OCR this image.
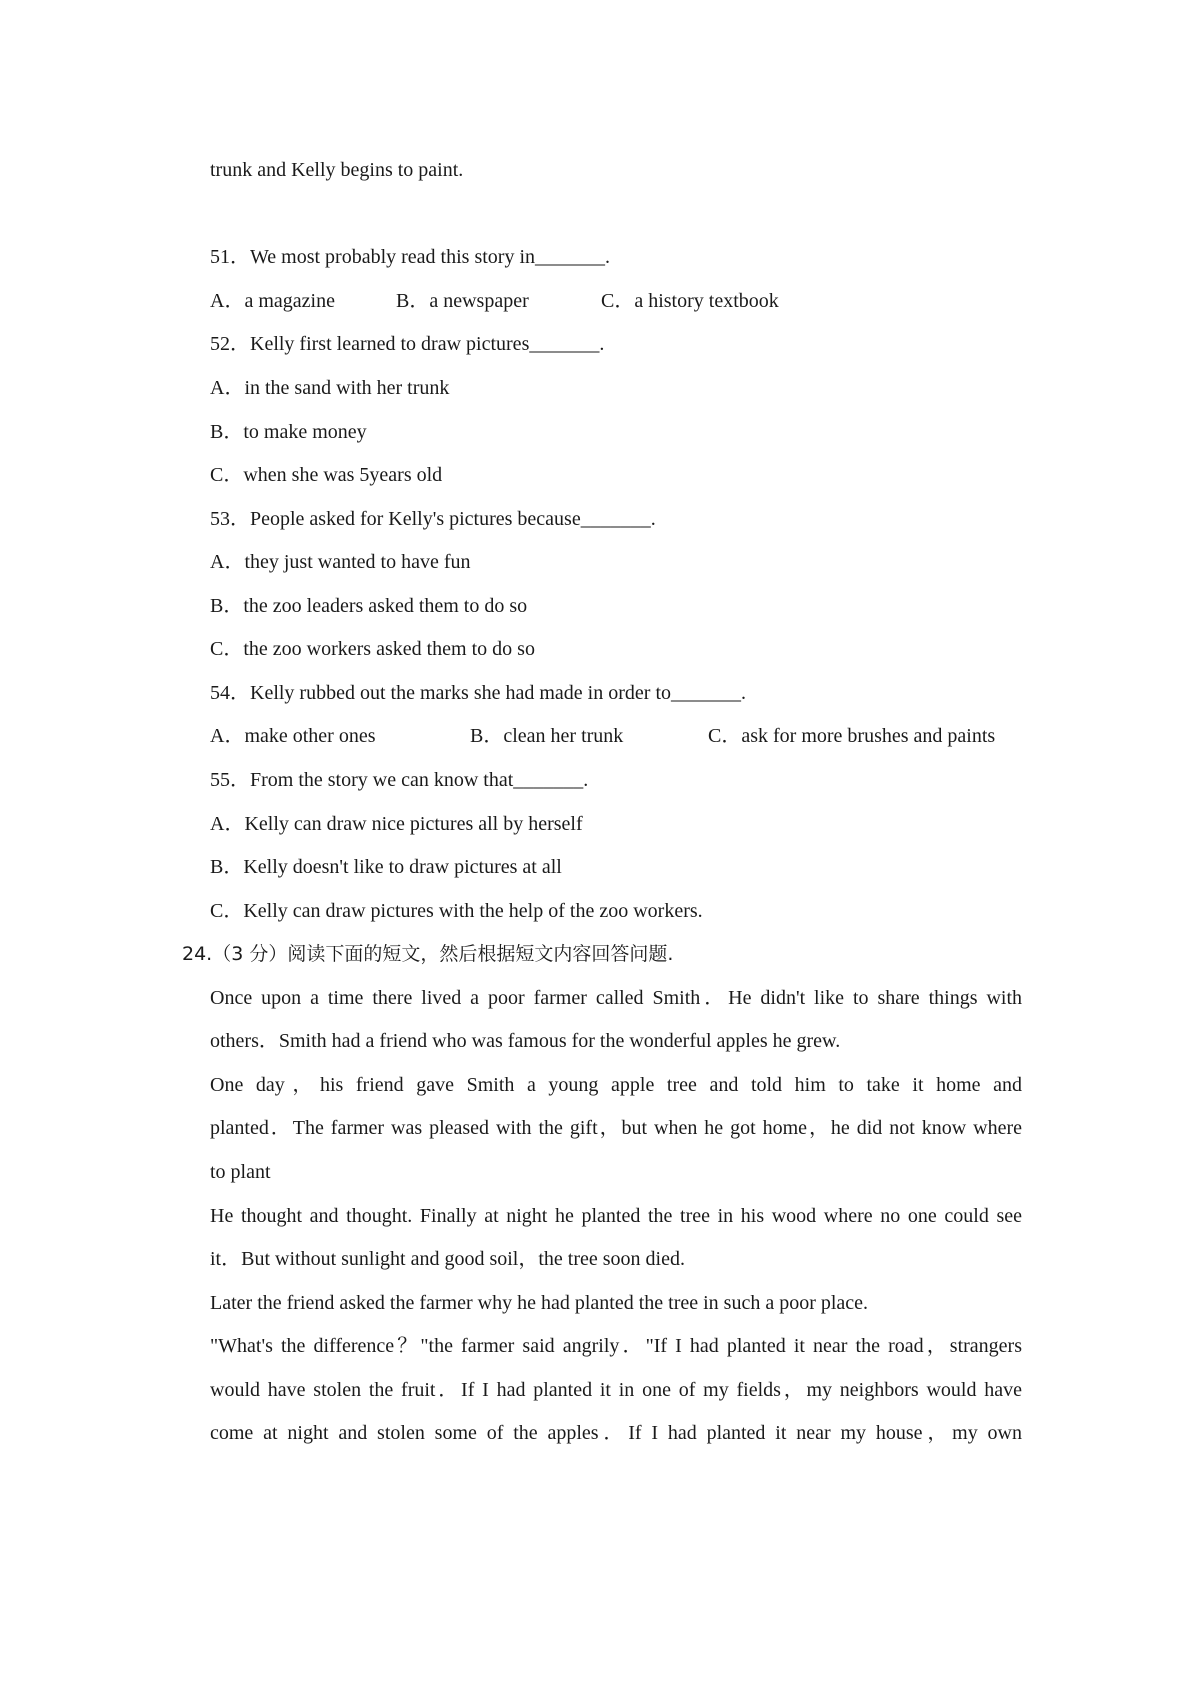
trunk and Kelly begins to paint.
51．We most probably read this story in_______.
A．a magazine	B．a newspaper	C．a history textbook
52．Kelly first learned to draw pictures_______.
A．in the sand with her trunk
B．to make money
C．when she was 5years old
53．People asked for Kelly's pictures because_______.
A．they just wanted to have fun
B．the zoo leaders asked them to do so
C．the zoo workers asked them to do so
54．Kelly rubbed out the marks she had made in order to_______.
A．make other ones	B．clean her trunk	C．ask for more brushes and paints
55．From the story we can know that_______.
A．Kelly can draw nice pictures all by herself
B．Kelly doesn't like to draw pictures at all
C．Kelly can draw pictures with the help of the zoo workers.
24.（3 分）阅读下面的短文，然后根据短文内容回答问题.
Once upon a time there lived a poor farmer called Smith．He didn't like to share things with
others．Smith had a friend who was famous for the wonderful apples he grew.
One day，his friend gave Smith a young apple tree and told him to take it home and
planted．The farmer was pleased with the gift，but when he got home，he did not know where
to plant
He thought and thought. Finally at night he planted the tree in his wood where no one could see
it．But without sunlight and good soil，the tree soon died.
Later the friend asked the farmer why he had planted the tree in such a poor place.
"What's the difference？"the farmer said angrily．"If I had planted it near the road，strangers
would have stolen the fruit．If I had planted it in one of my fields，my neighbors would have
come at night and stolen some of the apples．If I had planted it near my house，my own
